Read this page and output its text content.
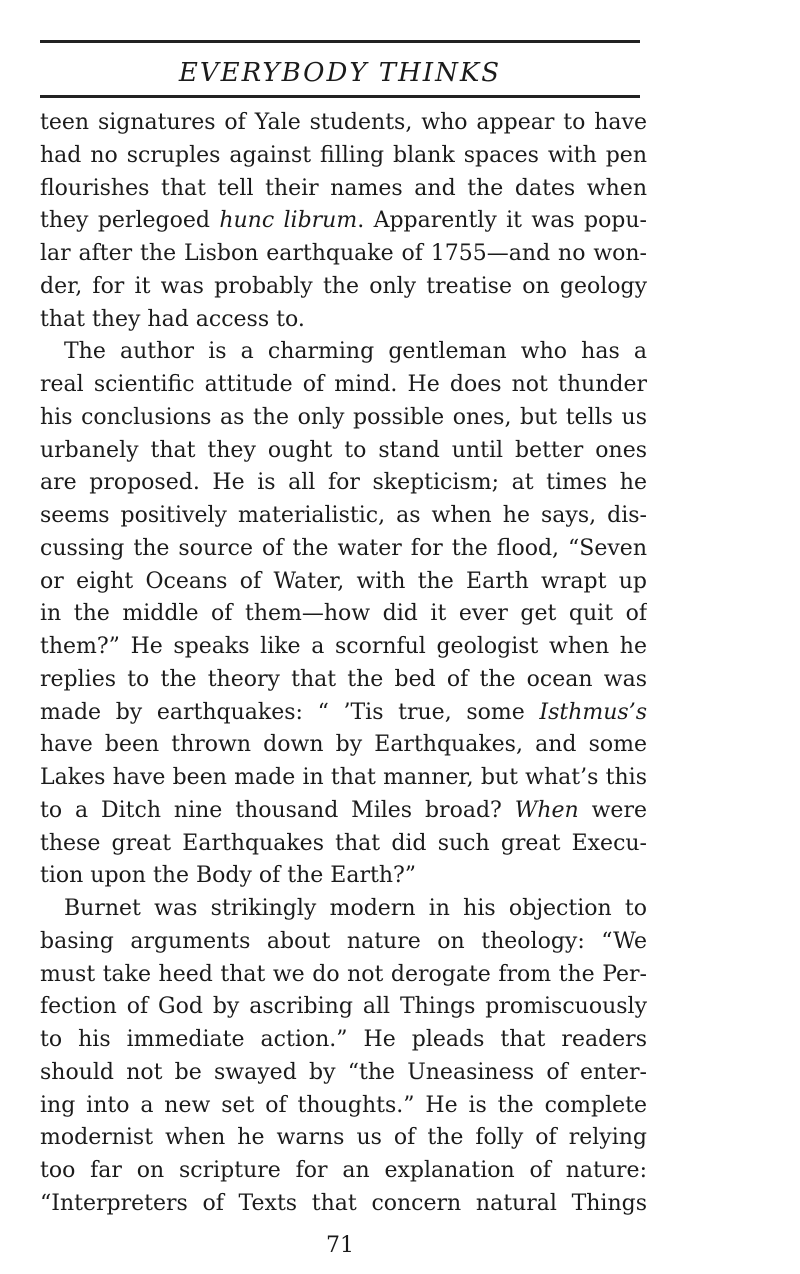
EVERYBODY THINKS
teen signatures of Yale students, who appear to have
had no scruples against filling blank spaces with pen
flourishes that tell their names and the dates when
they perlegoed hunc librum. Apparently it was popu-
lar after the Lisbon earthquake of 1755—and no won-
der, for it was probably the only treatise on geology
that they had access to.
The author is a charming gentleman who has a
real scientific attitude of mind. He does not thunder
his conclusions as the only possible ones, but tells us
urbanely that they ought to stand until better ones
are proposed. He is all for skepticism; at times he
seems positively materialistic, as when he says, dis-
cussing the source of the water for the flood, “Seven
or eight Oceans of Water, with the Earth wrapt up
in the middle of them—how did it ever get quit of
them?” He speaks like a scornful geologist when he
replies to the theory that the bed of the ocean was
made by earthquakes: “ ’Tis true, some Isthmus’s
have been thrown down by Earthquakes, and some
Lakes have been made in that manner, but what’s this
to a Ditch nine thousand Miles broad? When were
these great Earthquakes that did such great Execu-
tion upon the Body of the Earth?”
Burnet was strikingly modern in his objection to
basing arguments about nature on theology: “We
must take heed that we do not derogate from the Per-
fection of God by ascribing all Things promiscuously
to his immediate action.” He pleads that readers
should not be swayed by “the Uneasiness of enter-
ing into a new set of thoughts.” He is the complete
modernist when he warns us of the folly of relying
too far on scripture for an explanation of nature:
“Interpreters of Texts that concern natural Things
71
